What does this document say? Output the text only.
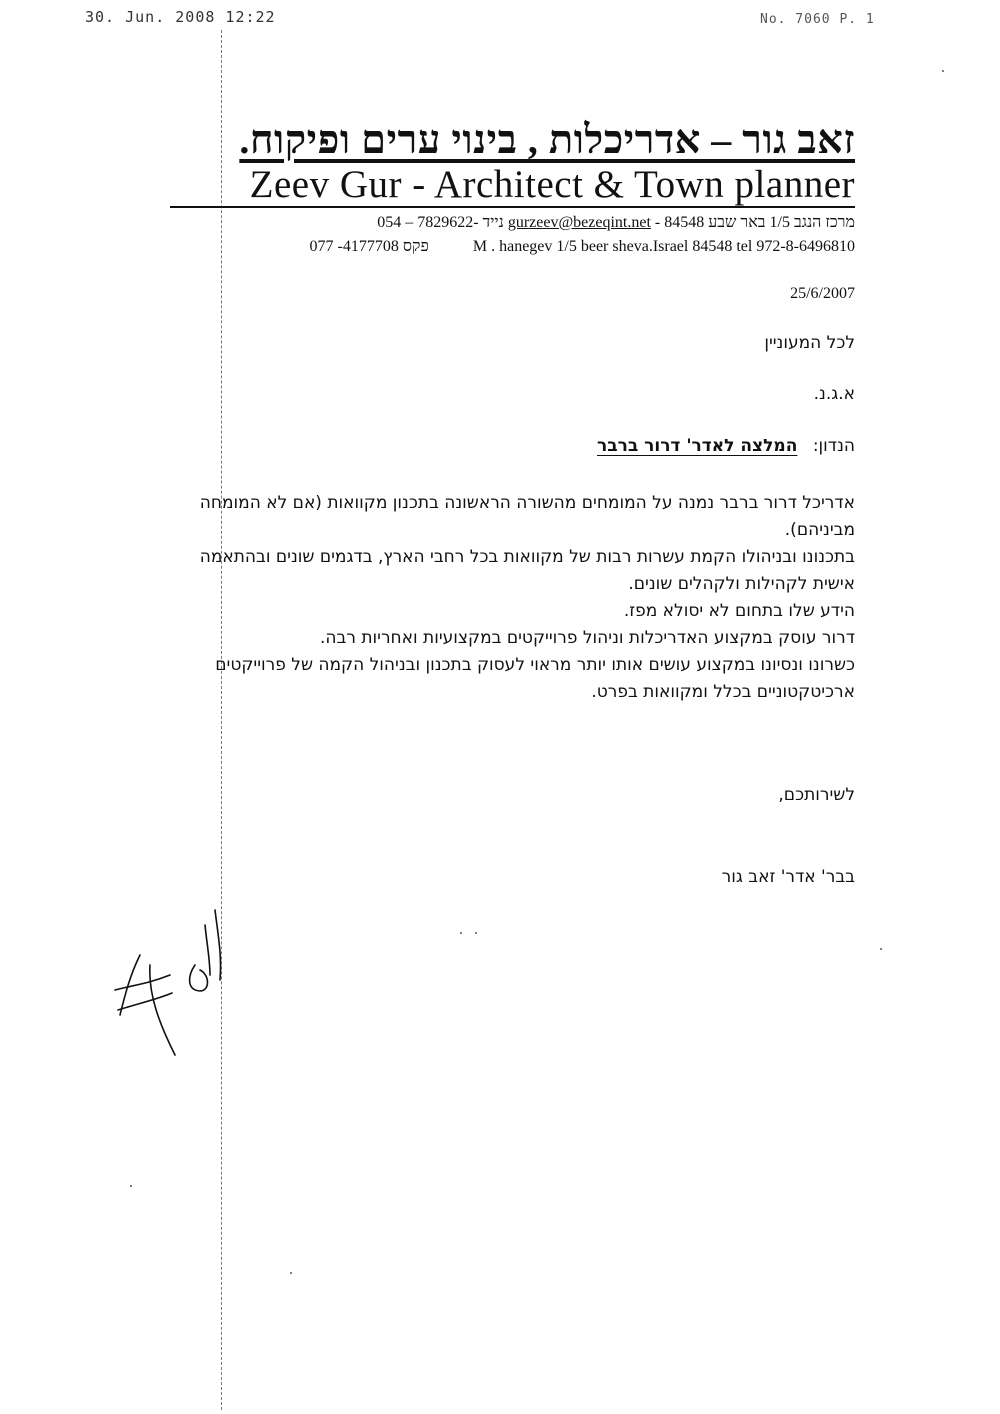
30. Jun. 2008 12:22	No. 7060 P. 1
זאב גור – אדריכלות , בינוי ערים ופיקוח.
Zeev Gur - Architect & Town planner
מרכז הנגב 1/5 באר שבע 84548 - gurzeev@bezeqint.net נייד -7829622 – 054
077 -4177708 פקס	M . hanegev 1/5 beer sheva.Israel 84548 tel 972-8-6496810
25/6/2007
לכל המעוניין
א.ג.נ.
הנדון: המלצה לאדר' דרור ברבר

אדריכל דרור ברבר נמנה על המומחים מהשורה הראשונה בתכנון מקוואות (אם לא המומחה מביניהם).

בתכנונו ובניהולו הקמת עשרות רבות של מקוואות בכל רחבי הארץ, בדגמים שונים ובהתאמה אישית לקהילות ולקהלים שונים.

הידע שלו בתחום לא יסולא מפז.

דרור עוסק במקצוע האדריכלות וניהול פרוייקטים במקצועיות ואחריות רבה.

כשרונו ונסיונו במקצוע עושים אותו יותר מראוי לעסוק בתכנון ובניהול הקמה של פרוייקטים ארכיטקטוניים בכלל ומקוואות בפרט.

לשירותכם,
בבר' אדר' זאב גור
